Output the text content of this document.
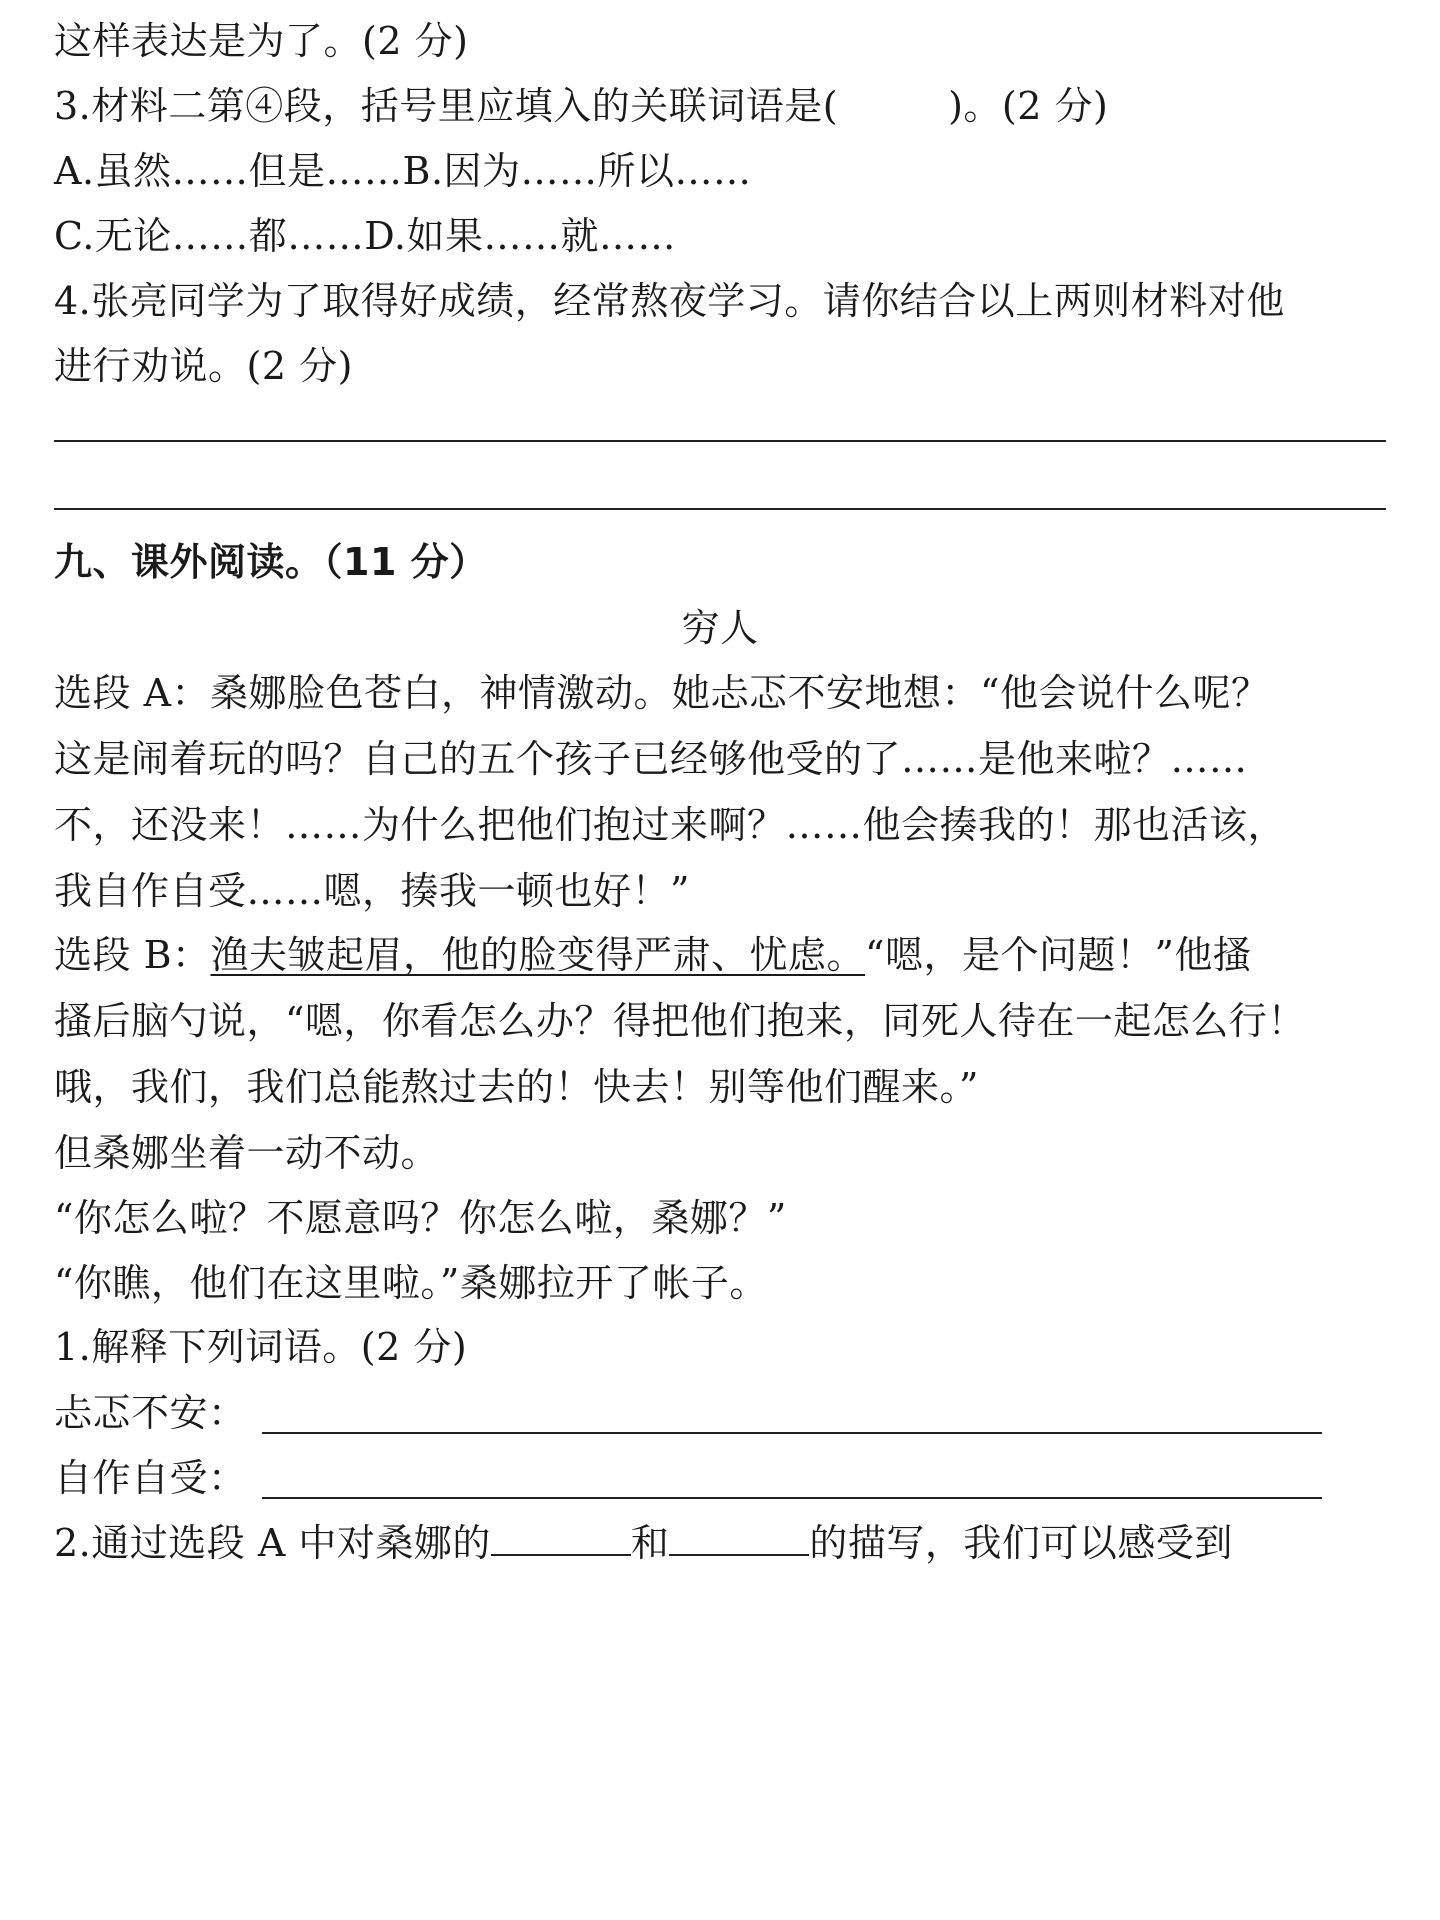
这样表达是为了。(2 分)
3.材料二第④段，括号里应填入的关联词语是(	)。(2 分)
A.虽然……但是……B.因为……所以……
C.无论……都……D.如果……就……
4.张亮同学为了取得好成绩，经常熬夜学习。请你结合以上两则材料对他
进行劝说。(2 分)
九、课外阅读。（11 分）
穷人
选段 A：桑娜脸色苍白，神情激动。她忐忑不安地想：“他会说什么呢？
这是闹着玩的吗？自己的五个孩子已经够他受的了……是他来啦？……
不，还没来！……为什么把他们抱过来啊？……他会揍我的！那也活该，
我自作自受……嗯，揍我一顿也好！”
选段 B：渔夫皱起眉，他的脸变得严肃、忧虑。“嗯，是个问题！”他搔
搔后脑勺说，“嗯，你看怎么办？得把他们抱来，同死人待在一起怎么行！
哦，我们，我们总能熬过去的！快去！别等他们醒来。”
但桑娜坐着一动不动。
“你怎么啦？不愿意吗？你怎么啦，桑娜？”
“你瞧，他们在这里啦。”桑娜拉开了帐子。
1.解释下列词语。(2 分)
忐忑不安：
自作自受：
2.通过选段 A 中对桑娜的	和	的描写，我们可以感受到
